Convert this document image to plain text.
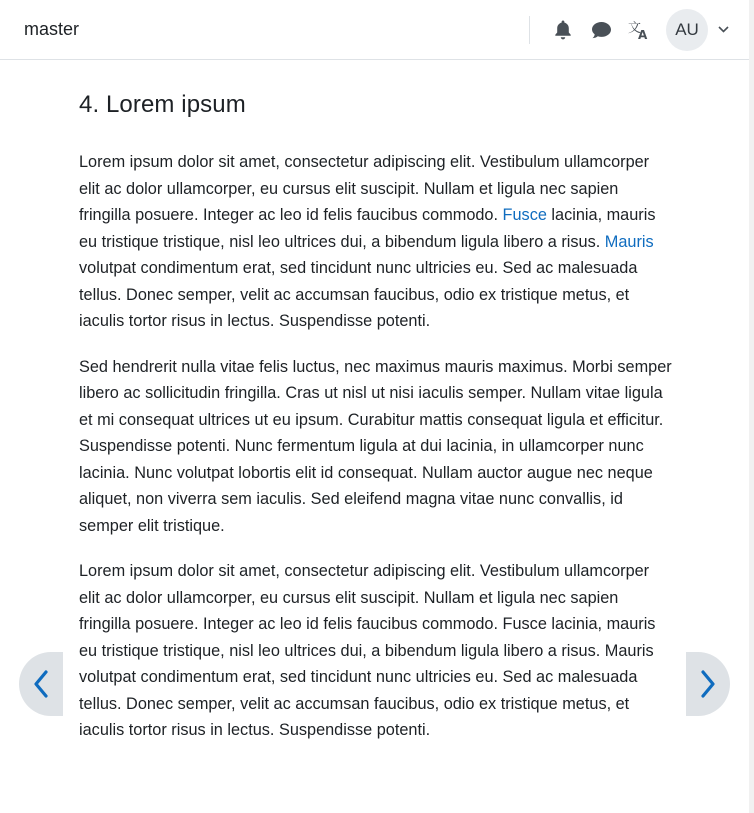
master	文
A	AU
4. Lorem ipsum

Lorem ipsum dolor sit amet, consectetur adipiscing elit. Vestibulum ullamcorper elit ac dolor ullamcorper, eu cursus elit suscipit. Nullam et ligula nec sapien fringilla posuere. Integer ac leo id felis faucibus commodo. Fusce lacinia, mauris eu tristique tristique, nisl leo ultrices dui, a bibendum ligula libero a risus. Mauris volutpat condimentum erat, sed tincidunt nunc ultricies eu. Sed ac malesuada tellus. Donec semper, velit ac accumsan faucibus, odio ex tristique metus, et iaculis tortor risus in lectus. Suspendisse potenti.

Sed hendrerit nulla vitae felis luctus, nec maximus mauris maximus. Morbi semper libero ac sollicitudin fringilla. Cras ut nisl ut nisi iaculis semper. Nullam vitae ligula et mi consequat ultrices ut eu ipsum. Curabitur mattis consequat ligula et efficitur. Suspendisse potenti. Nunc fermentum ligula at dui lacinia, in ullamcorper nunc lacinia. Nunc volutpat lobortis elit id consequat. Nullam auctor augue nec neque aliquet, non viverra sem iaculis. Sed eleifend magna vitae nunc convallis, id semper elit tristique.

Lorem ipsum dolor sit amet, consectetur adipiscing elit. Vestibulum ullamcorper elit ac dolor ullamcorper, eu cursus elit suscipit. Nullam et ligula nec sapien fringilla posuere. Integer ac leo id felis faucibus commodo. Fusce lacinia, mauris eu tristique tristique, nisl leo ultrices dui, a bibendum ligula libero a risus. Mauris volutpat condimentum erat, sed tincidunt nunc ultricies eu. Sed ac malesuada tellus. Donec semper, velit ac accumsan faucibus, odio ex tristique metus, et iaculis tortor risus in lectus. Suspendisse potenti.
